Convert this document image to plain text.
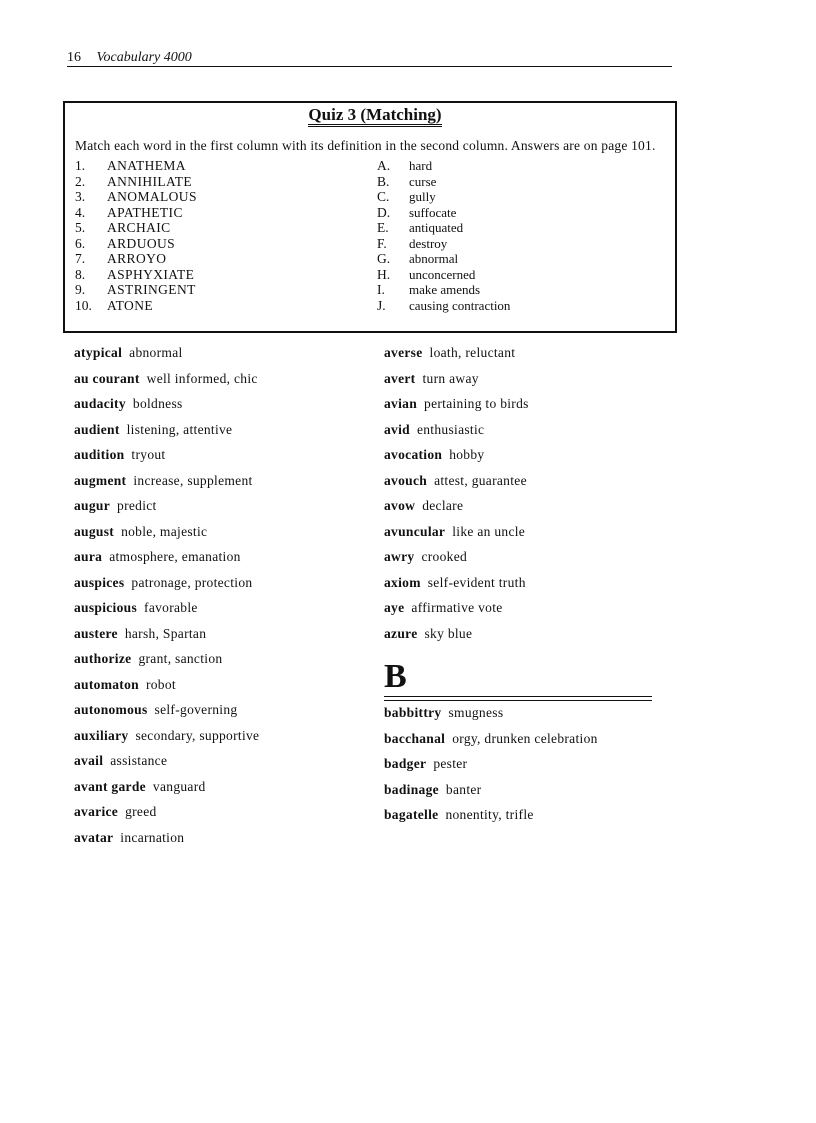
16 Vocabulary 4000
Quiz 3 (Matching)
Match each word in the first column with its definition in the second column. Answers are on page 101.
1. ANATHEMA
2. ANNIHILATE
3. ANOMALOUS
4. APATHETIC
5. ARCHAIC
6. ARDUOUS
7. ARROYO
8. ASPHYXIATE
9. ASTRINGENT
10. ATONE
A. hard
B. curse
C. gully
D. suffocate
E. antiquated
F. destroy
G. abnormal
H. unconcerned
I. make amends
J. causing contraction
atypical abnormal
au courant well informed, chic
audacity boldness
audient listening, attentive
audition tryout
augment increase, supplement
augur predict
august noble, majestic
aura atmosphere, emanation
auspices patronage, protection
auspicious favorable
austere harsh, Spartan
authorize grant, sanction
automaton robot
autonomous self-governing
auxiliary secondary, supportive
avail assistance
avant garde vanguard
avarice greed
avatar incarnation
averse loath, reluctant
avert turn away
avian pertaining to birds
avid enthusiastic
avocation hobby
avouch attest, guarantee
avow declare
avuncular like an uncle
awry crooked
axiom self-evident truth
aye affirmative vote
azure sky blue
B
babbittry smugness
bacchanal orgy, drunken celebration
badger pester
badinage banter
bagatelle nonentity, trifle
